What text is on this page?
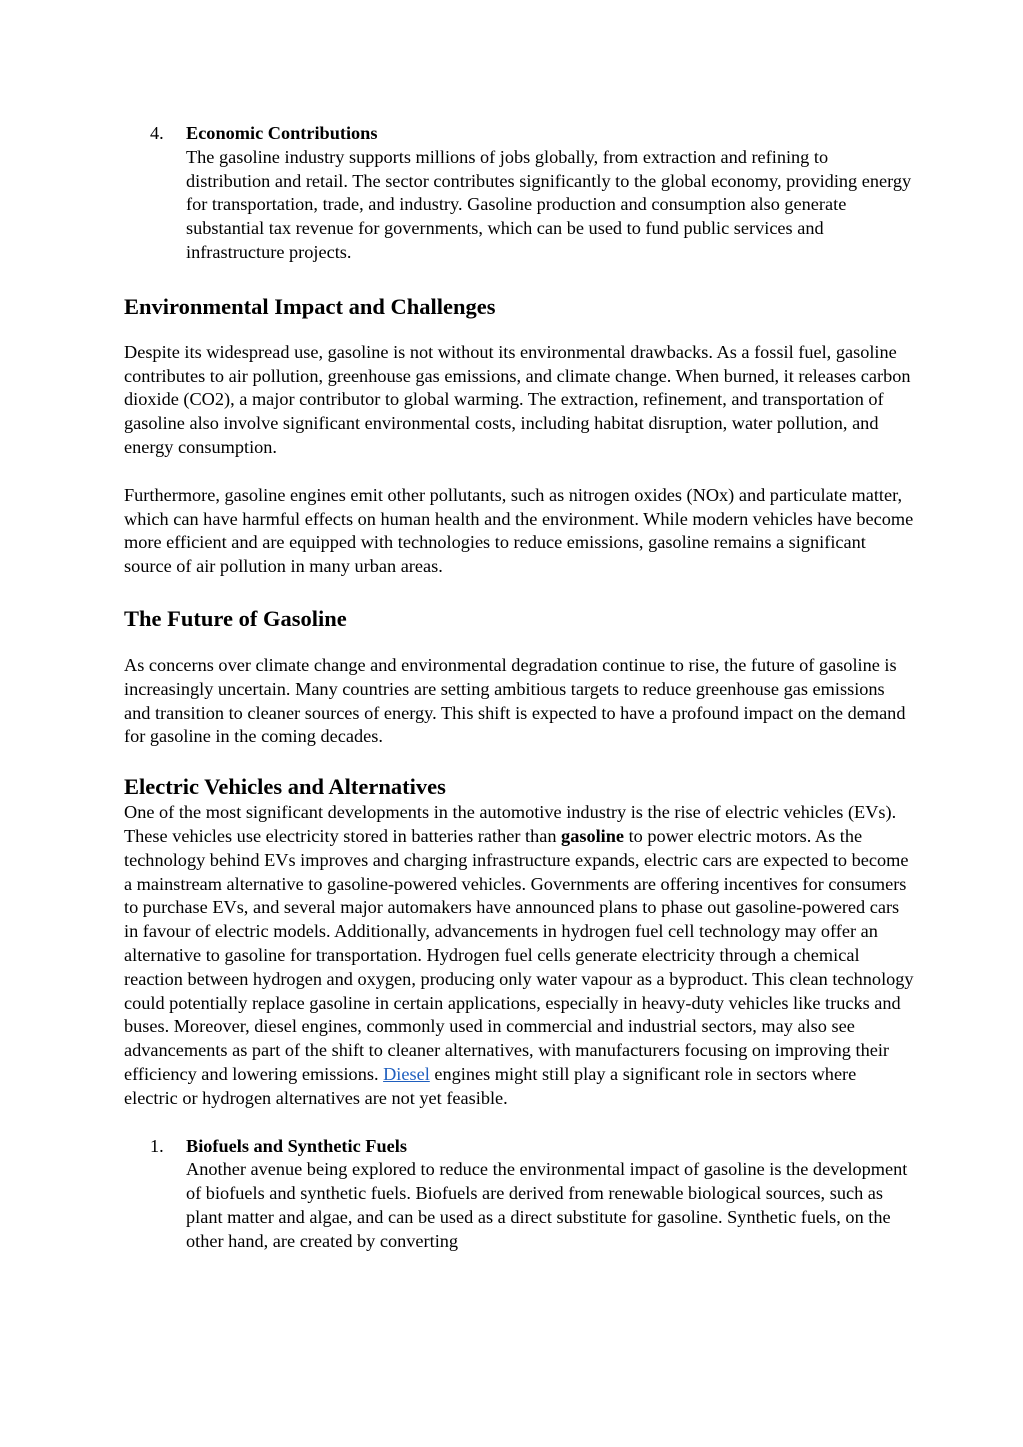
4. Economic Contributions
The gasoline industry supports millions of jobs globally, from extraction and refining to distribution and retail. The sector contributes significantly to the global economy, providing energy for transportation, trade, and industry. Gasoline production and consumption also generate substantial tax revenue for governments, which can be used to fund public services and infrastructure projects.
Environmental Impact and Challenges

Despite its widespread use, gasoline is not without its environmental drawbacks. As a fossil fuel, gasoline contributes to air pollution, greenhouse gas emissions, and climate change. When burned, it releases carbon dioxide (CO2), a major contributor to global warming. The extraction, refinement, and transportation of gasoline also involve significant environmental costs, including habitat disruption, water pollution, and energy consumption.

Furthermore, gasoline engines emit other pollutants, such as nitrogen oxides (NOx) and particulate matter, which can have harmful effects on human health and the environment. While modern vehicles have become more efficient and are equipped with technologies to reduce emissions, gasoline remains a significant source of air pollution in many urban areas.

The Future of Gasoline

As concerns over climate change and environmental degradation continue to rise, the future of gasoline is increasingly uncertain. Many countries are setting ambitious targets to reduce greenhouse gas emissions and transition to cleaner sources of energy. This shift is expected to have a profound impact on the demand for gasoline in the coming decades.

Electric Vehicles and Alternatives

One of the most significant developments in the automotive industry is the rise of electric vehicles (EVs). These vehicles use electricity stored in batteries rather than gasoline to power electric motors. As the technology behind EVs improves and charging infrastructure expands, electric cars are expected to become a mainstream alternative to gasoline-powered vehicles. Governments are offering incentives for consumers to purchase EVs, and several major automakers have announced plans to phase out gasoline-powered cars in favour of electric models. Additionally, advancements in hydrogen fuel cell technology may offer an alternative to gasoline for transportation. Hydrogen fuel cells generate electricity through a chemical reaction between hydrogen and oxygen, producing only water vapour as a byproduct. This clean technology could potentially replace gasoline in certain applications, especially in heavy-duty vehicles like trucks and buses. Moreover, diesel engines, commonly used in commercial and industrial sectors, may also see advancements as part of the shift to cleaner alternatives, with manufacturers focusing on improving their efficiency and lowering emissions. Diesel engines might still play a significant role in sectors where electric or hydrogen alternatives are not yet feasible.

1. Biofuels and Synthetic Fuels
Another avenue being explored to reduce the environmental impact of gasoline is the development of biofuels and synthetic fuels. Biofuels are derived from renewable biological sources, such as plant matter and algae, and can be used as a direct substitute for gasoline. Synthetic fuels, on the other hand, are created by converting
